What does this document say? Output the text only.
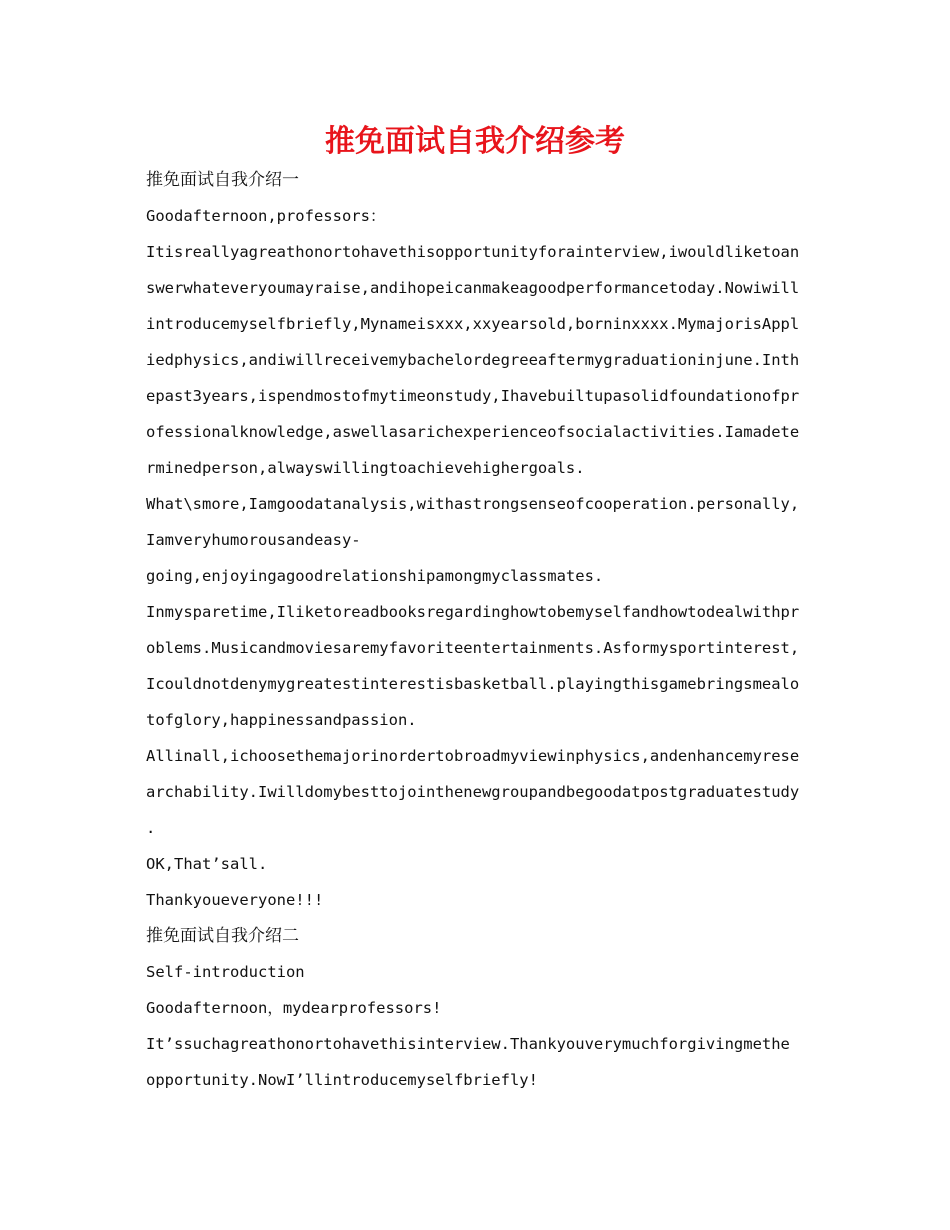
推免面试自我介绍参考
推免面试自我介绍一
Goodafternoon,professors：
Itisreallyagreathonortohavethisopportunityforainterview,iwouldliketoan
swerwhateveryoumayraise,andihopeicanmakeagoodperformancetoday.Nowiwill
introducemyselfbriefly,Mynameisxxx,xxyearsold,borninxxxx.MymajorisAppl
iedphysics,andiwillreceivemybachelordegreeaftermygraduationinjune.Inth
epast3years,ispendmostofmytimeonstudy,Ihavebuiltupasolidfoundationofpr
ofessionalknowledge,aswellasarichexperienceofsocialactivities.Iamadete
rminedperson,alwayswillingtoachievehighergoals.
What\smore,Iamgoodatanalysis,withastrongsenseofcooperation.personally,
Iamveryhumorousandeasy-
going,enjoyingagoodrelationshipamongmyclassmates.
Inmysparetime,Iliketoreadbooksregardinghowtobemyselfandhowtodealwithpr
oblems.Musicandmoviesaremyfavoriteentertainments.Asformysportinterest,
Icouldnotdenymygreatestinterestisbasketball.playingthisgamebringsmealo
tofglory,happinessandpassion.
Allinall,ichoosethemajorinordertobroadmyviewinphysics,andenhancemyrese
archability.Iwilldomybesttojointhenewgroupandbegoodatpostgraduatestudy
.
OK,That’sall.
Thankyoueveryone!!!
推免面试自我介绍二
Self-introduction
Goodafternoon，mydearprofessors!
It’ssuchagreathonortohavethisinterview.Thankyouverymuchforgivingmethe
opportunity.NowI’llintroducemyselfbriefly!
